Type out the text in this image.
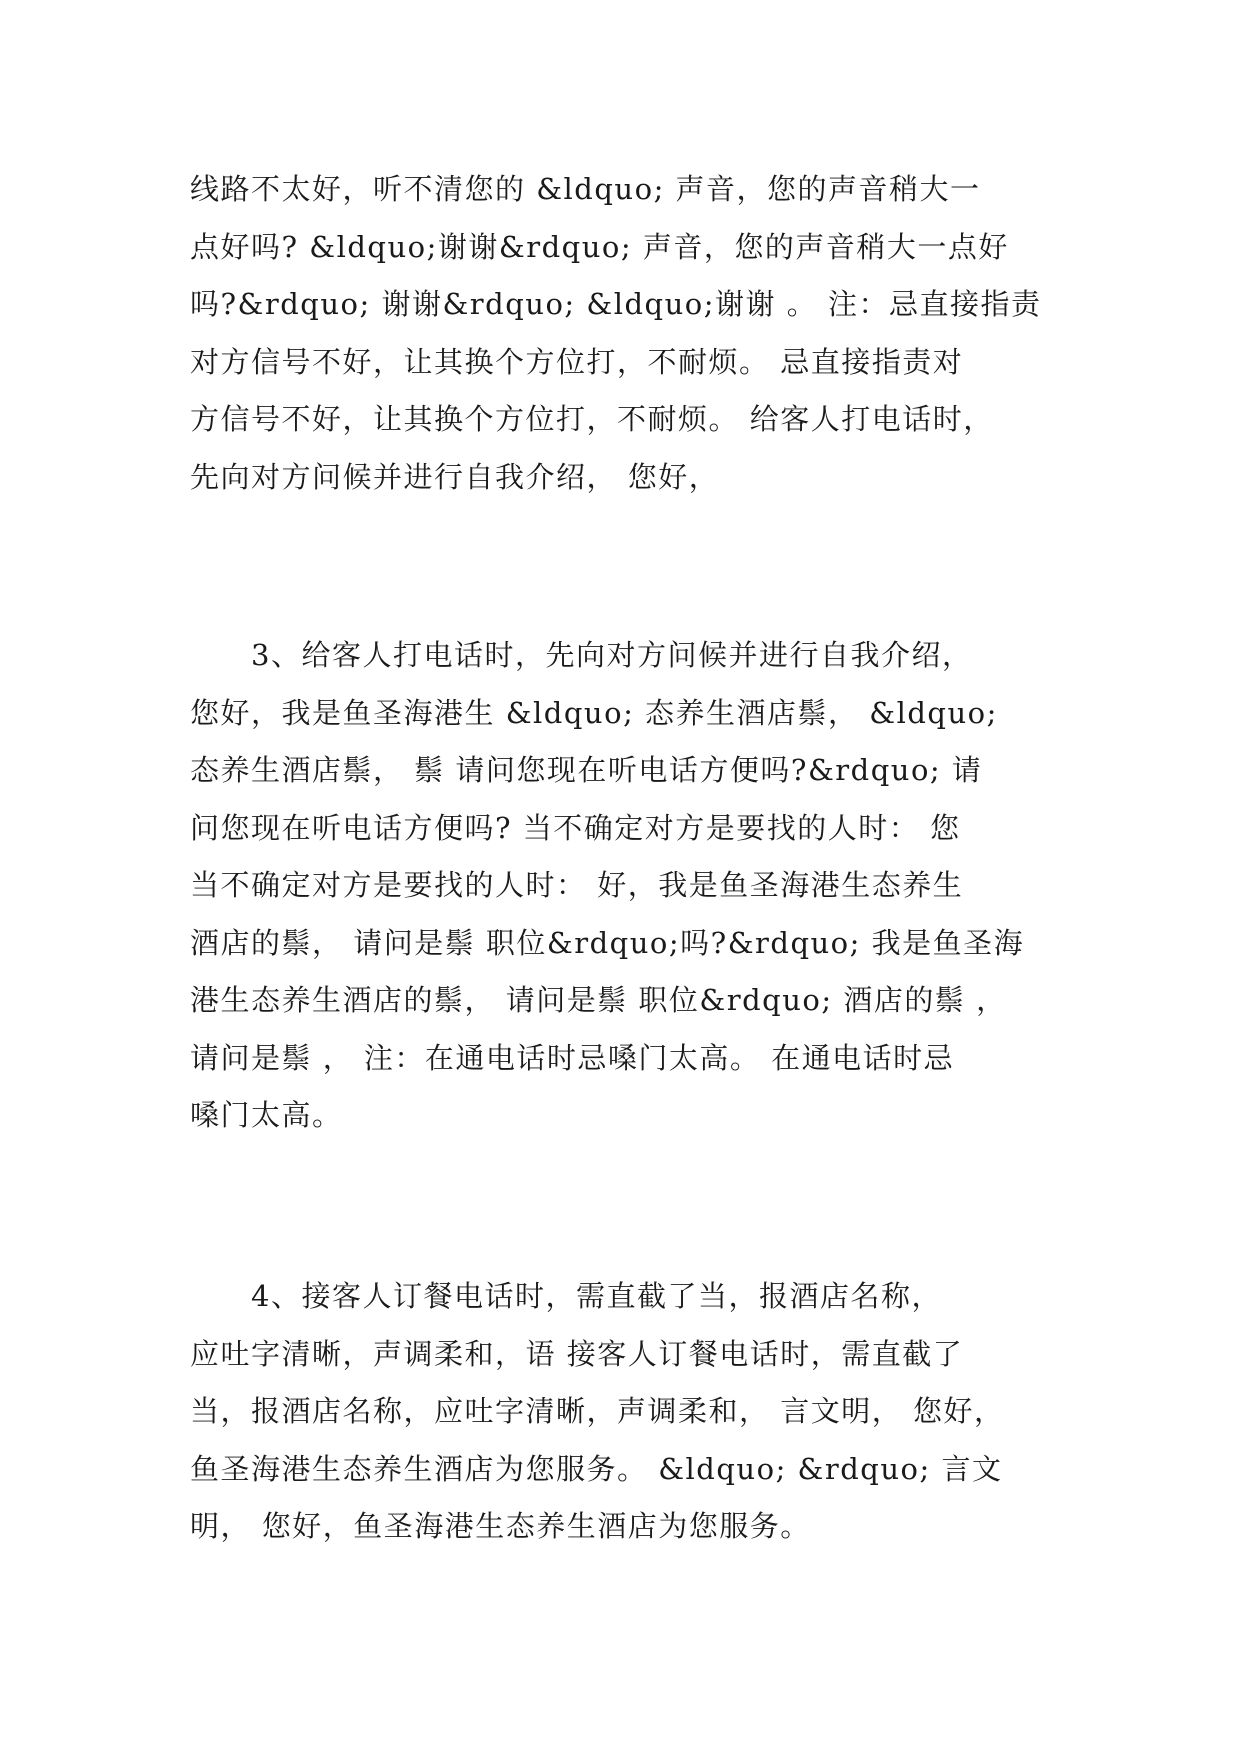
线路不太好，听不清您的 &ldquo; 声音，您的声音稍大一
点好吗? &ldquo;谢谢&rdquo; 声音，您的声音稍大一点好
吗?&rdquo; 谢谢&rdquo; &ldquo;谢谢 。 注：忌直接指责
对方信号不好，让其换个方位打，不耐烦。 忌直接指责对
方信号不好，让其换个方位打，不耐烦。 给客人打电话时，
先向对方问候并进行自我介绍， 您好，

　　3、给客人打电话时，先向对方问候并进行自我介绍，
您好，我是鱼圣海港生 &ldquo; 态养生酒店鬃， &ldquo;
态养生酒店鬃， 鬃 请问您现在听电话方便吗?&rdquo; 请
问您现在听电话方便吗? 当不确定对方是要找的人时： 您
当不确定对方是要找的人时： 好，我是鱼圣海港生态养生
酒店的鬃， 请问是鬃 职位&rdquo;吗?&rdquo; 我是鱼圣海
港生态养生酒店的鬃， 请问是鬃 职位&rdquo; 酒店的鬃 ，
请问是鬃 ， 注：在通电话时忌嗓门太高。 在通电话时忌
嗓门太高。

　　4、接客人订餐电话时，需直截了当，报酒店名称，
应吐字清晰，声调柔和，语 接客人订餐电话时，需直截了
当，报酒店名称，应吐字清晰，声调柔和， 言文明， 您好，
鱼圣海港生态养生酒店为您服务。 &ldquo; &rdquo; 言文
明， 您好，鱼圣海港生态养生酒店为您服务。
